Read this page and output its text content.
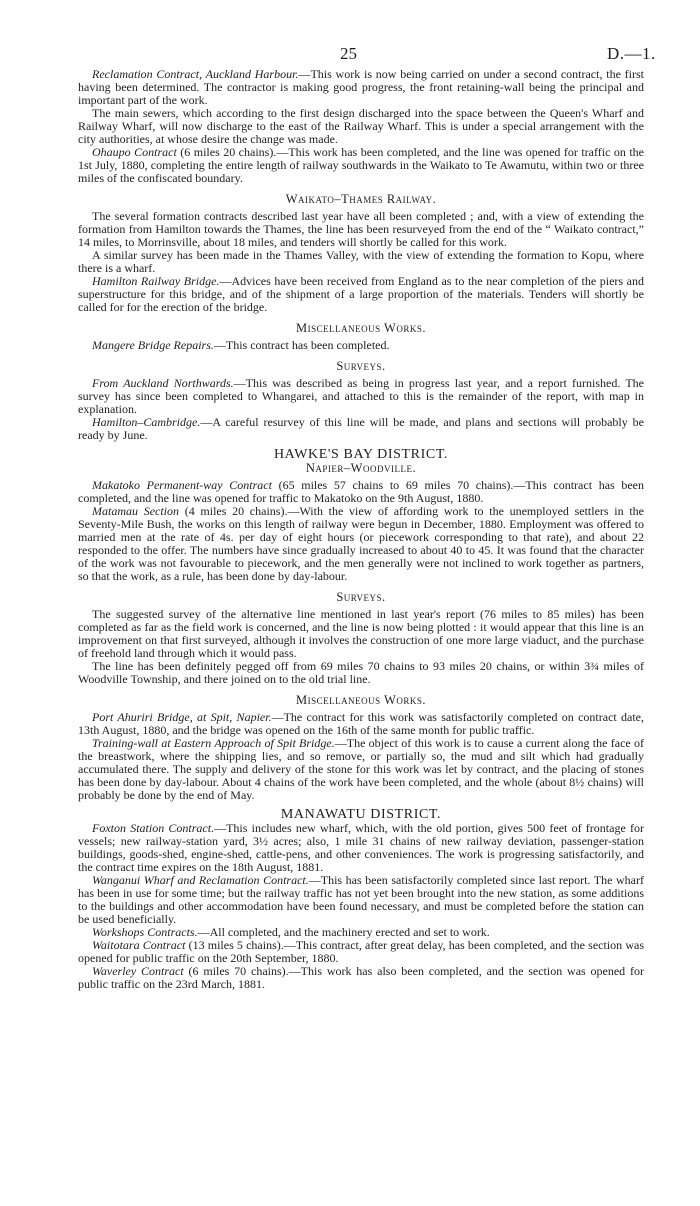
25	D.—1.

Reclamation Contract, Auckland Harbour.—This work is now being carried on under a second contract, the first having been determined. The contractor is making good progress, the front retaining-wall being the principal and important part of the work.

The main sewers, which according to the first design discharged into the space between the Queen's Wharf and Railway Wharf, will now discharge to the east of the Railway Wharf. This is under a special arrangement with the city authorities, at whose desire the change was made.

Ohaupo Contract (6 miles 20 chains).—This work has been completed, and the line was opened for traffic on the 1st July, 1880, completing the entire length of railway southwards in the Waikato to Te Awamutu, within two or three miles of the confiscated boundary.

Waikato–Thames Railway.

The several formation contracts described last year have all been completed ; and, with a view of extending the formation from Hamilton towards the Thames, the line has been resurveyed from the end of the “ Waikato contract,” 14 miles, to Morrinsville, about 18 miles, and tenders will shortly be called for this work.

A similar survey has been made in the Thames Valley, with the view of extending the formation to Kopu, where there is a wharf.

Hamilton Railway Bridge.—Advices have been received from England as to the near completion of the piers and superstructure for this bridge, and of the shipment of a large proportion of the materials. Tenders will shortly be called for for the erection of the bridge.

Miscellaneous Works.

Mangere Bridge Repairs.—This contract has been completed.

Surveys.

From Auckland Northwards.—This was described as being in progress last year, and a report furnished. The survey has since been completed to Whangarei, and attached to this is the remainder of the report, with map in explanation.

Hamilton–Cambridge.—A careful resurvey of this line will be made, and plans and sections will probably be ready by June.

HAWKE'S BAY DISTRICT.
Napier–Woodville.

Makatoko Permanent-way Contract (65 miles 57 chains to 69 miles 70 chains).—This contract has been completed, and the line was opened for traffic to Makatoko on the 9th August, 1880.

Matamau Section (4 miles 20 chains).—With the view of affording work to the unemployed settlers in the Seventy-Mile Bush, the works on this length of railway were begun in December, 1880. Employment was offered to married men at the rate of 4s. per day of eight hours (or piecework corresponding to that rate), and about 22 responded to the offer. The numbers have since gradually increased to about 40 to 45. It was found that the character of the work was not favourable to piecework, and the men generally were not inclined to work together as partners, so that the work, as a rule, has been done by day-labour.

Surveys.

The suggested survey of the alternative line mentioned in last year's report (76 miles to 85 miles) has been completed as far as the field work is concerned, and the line is now being plotted : it would appear that this line is an improvement on that first surveyed, although it involves the construction of one more large viaduct, and the purchase of freehold land through which it would pass.

The line has been definitely pegged off from 69 miles 70 chains to 93 miles 20 chains, or within 3¾ miles of Woodville Township, and there joined on to the old trial line.

Miscellaneous Works.

Port Ahuriri Bridge, at Spit, Napier.—The contract for this work was satisfactorily completed on contract date, 13th August, 1880, and the bridge was opened on the 16th of the same month for public traffic.

Training-wall at Eastern Approach of Spit Bridge.—The object of this work is to cause a current along the face of the breastwork, where the shipping lies, and so remove, or partially so, the mud and silt which had gradually accumulated there. The supply and delivery of the stone for this work was let by contract, and the placing of stones has been done by day-labour. About 4 chains of the work have been completed, and the whole (about 8½ chains) will probably be done by the end of May.

MANAWATU DISTRICT.

Foxton Station Contract.—This includes new wharf, which, with the old portion, gives 500 feet of frontage for vessels; new railway-station yard, 3½ acres; also, 1 mile 31 chains of new railway deviation, passenger-station buildings, goods-shed, engine-shed, cattle-pens, and other conveniences. The work is progressing satisfactorily, and the contract time expires on the 18th August, 1881.

Wanganui Wharf and Reclamation Contract.—This has been satisfactorily completed since last report. The wharf has been in use for some time; but the railway traffic has not yet been brought into the new station, as some additions to the buildings and other accommodation have been found necessary, and must be completed before the station can be used beneficially.

Workshops Contracts.—All completed, and the machinery erected and set to work.

Waitotara Contract (13 miles 5 chains).—This contract, after great delay, has been completed, and the section was opened for public traffic on the 20th September, 1880.

Waverley Contract (6 miles 70 chains).—This work has also been completed, and the section was opened for public traffic on the 23rd March, 1881.
